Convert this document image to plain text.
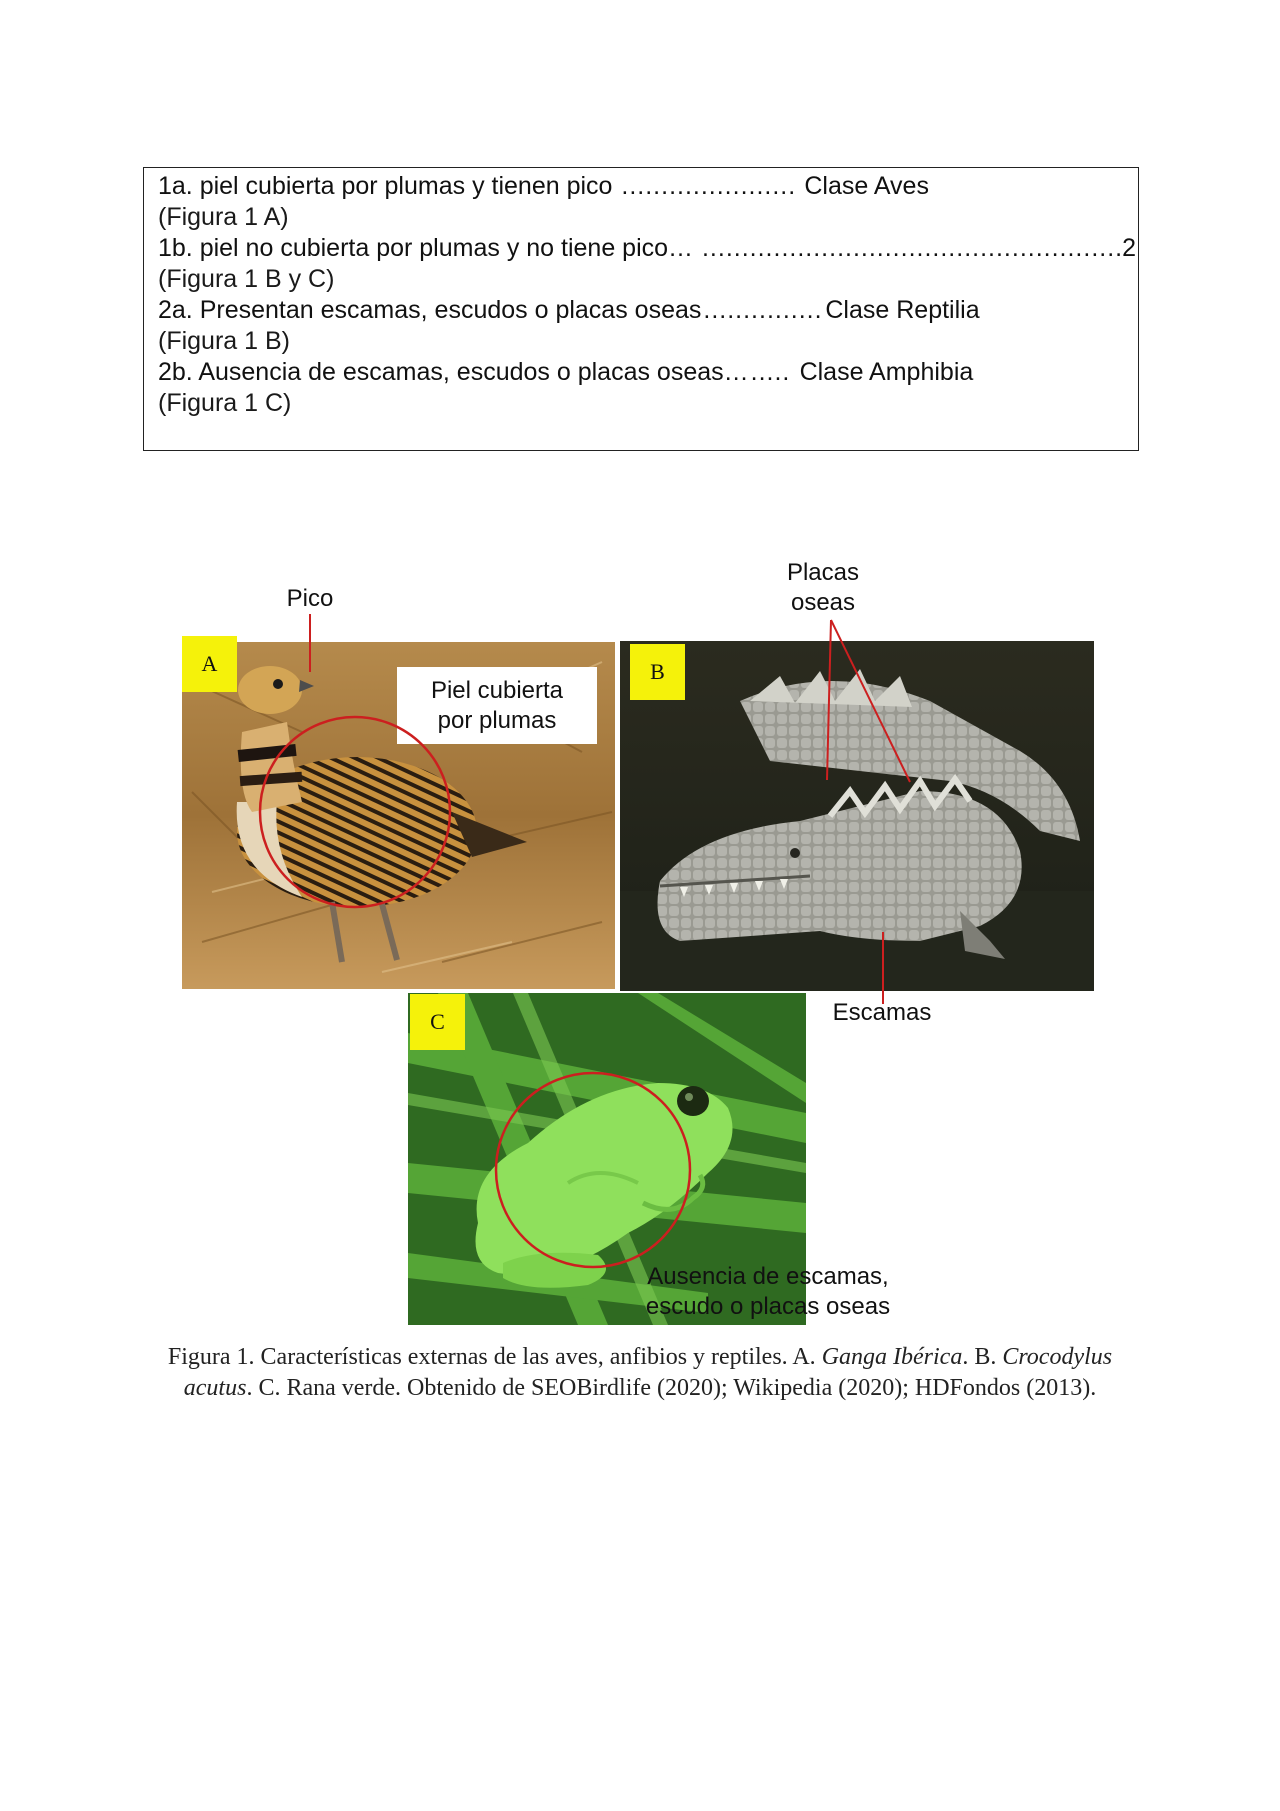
1a. piel cubierta por plumas y tienen pico .....	Clase Aves
(Figura 1 A)
1b. piel no cubierta por plumas y no tiene pico… .....	2
(Figura 1 B y C)
2a. Presentan escamas, escudos o placas oseas .....	Clase Reptilia
(Figura 1 B)
2b. Ausencia de escamas, escudos o placas oseas… ..... Clase Amphibia
(Figura 1 C)
A	B
C
Pico
Placas
oseas
Piel cubierta
por plumas
Escamas
Ausencia de escamas,
escudo o placas oseas
Figura 1. Características externas de las aves, anfibios y reptiles. A. Ganga Ibérica. B. Crocodylus acutus. C. Rana verde. Obtenido de SEOBirdlife (2020); Wikipedia (2020); HDFondos (2013).
